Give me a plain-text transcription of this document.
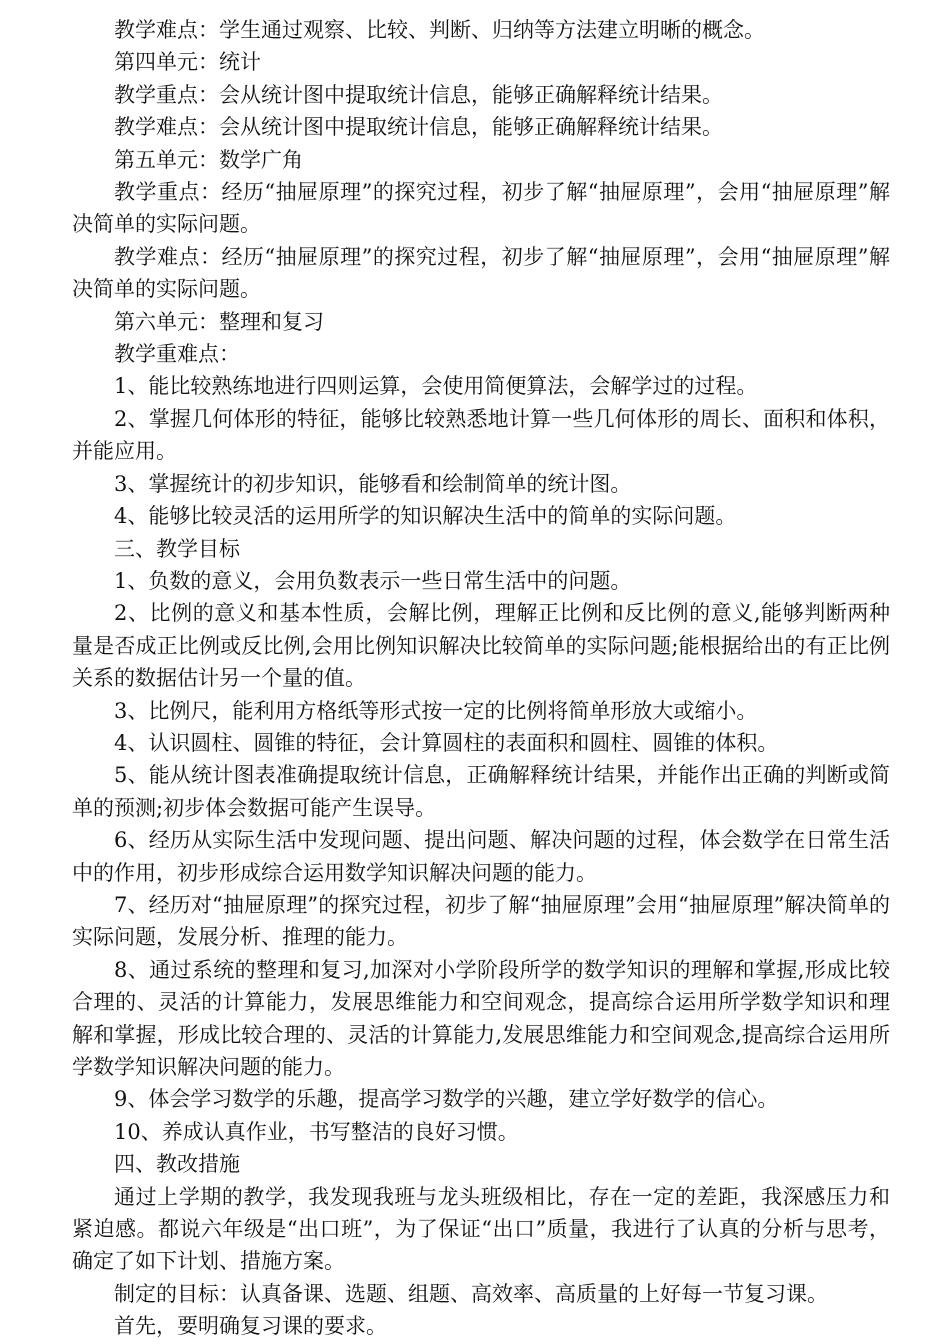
教学难点：学生通过观察、比较、判断、归纳等方法建立明晰的概念。

第四单元：统计

教学重点：会从统计图中提取统计信息，能够正确解释统计结果。

教学难点：会从统计图中提取统计信息，能够正确解释统计结果。

第五单元：数学广角

教学重点：经历“抽屉原理”的探究过程，初步了解“抽屉原理”，会用“抽屉原理”解决简单的实际问题。

教学难点：经历“抽屉原理”的探究过程，初步了解“抽屉原理”，会用“抽屉原理”解决简单的实际问题。

第六单元：整理和复习

教学重难点：

1、能比较熟练地进行四则运算，会使用简便算法，会解学过的过程。

2、掌握几何体形的特征，能够比较熟悉地计算一些几何体形的周长、面积和体积，并能应用。

3、掌握统计的初步知识，能够看和绘制简单的统计图。

4、能够比较灵活的运用所学的知识解决生活中的简单的实际问题。

三、教学目标

1、负数的意义，会用负数表示一些日常生活中的问题。

2、比例的意义和基本性质，会解比例，理解正比例和反比例的意义,能够判断两种量是否成正比例或反比例,会用比例知识解决比较简单的实际问题;能根据给出的有正比例关系的数据估计另一个量的值。

3、比例尺，能利用方格纸等形式按一定的比例将简单形放大或缩小。

4、认识圆柱、圆锥的特征，会计算圆柱的表面积和圆柱、圆锥的体积。

5、能从统计图表准确提取统计信息，正确解释统计结果，并能作出正确的判断或简单的预测;初步体会数据可能产生误导。

6、经历从实际生活中发现问题、提出问题、解决问题的过程，体会数学在日常生活中的作用，初步形成综合运用数学知识解决问题的能力。

7、经历对“抽屉原理”的探究过程，初步了解“抽屉原理”会用“抽屉原理”解决简单的实际问题，发展分析、推理的能力。

8、通过系统的整理和复习,加深对小学阶段所学的数学知识的理解和掌握,形成比较合理的、灵活的计算能力，发展思维能力和空间观念，提高综合运用所学数学知识和理解和掌握，形成比较合理的、灵活的计算能力,发展思维能力和空间观念,提高综合运用所学数学知识解决问题的能力。

9、体会学习数学的乐趣，提高学习数学的兴趣，建立学好数学的信心。

10、养成认真作业，书写整洁的良好习惯。

四、教改措施

通过上学期的教学，我发现我班与龙头班级相比，存在一定的差距，我深感压力和紧迫感。都说六年级是“出口班”，为了保证“出口”质量，我进行了认真的分析与思考，确定了如下计划、措施方案。

制定的目标：认真备课、选题、组题、高效率、高质量的上好每一节复习课。

首先，要明确复习课的要求。
